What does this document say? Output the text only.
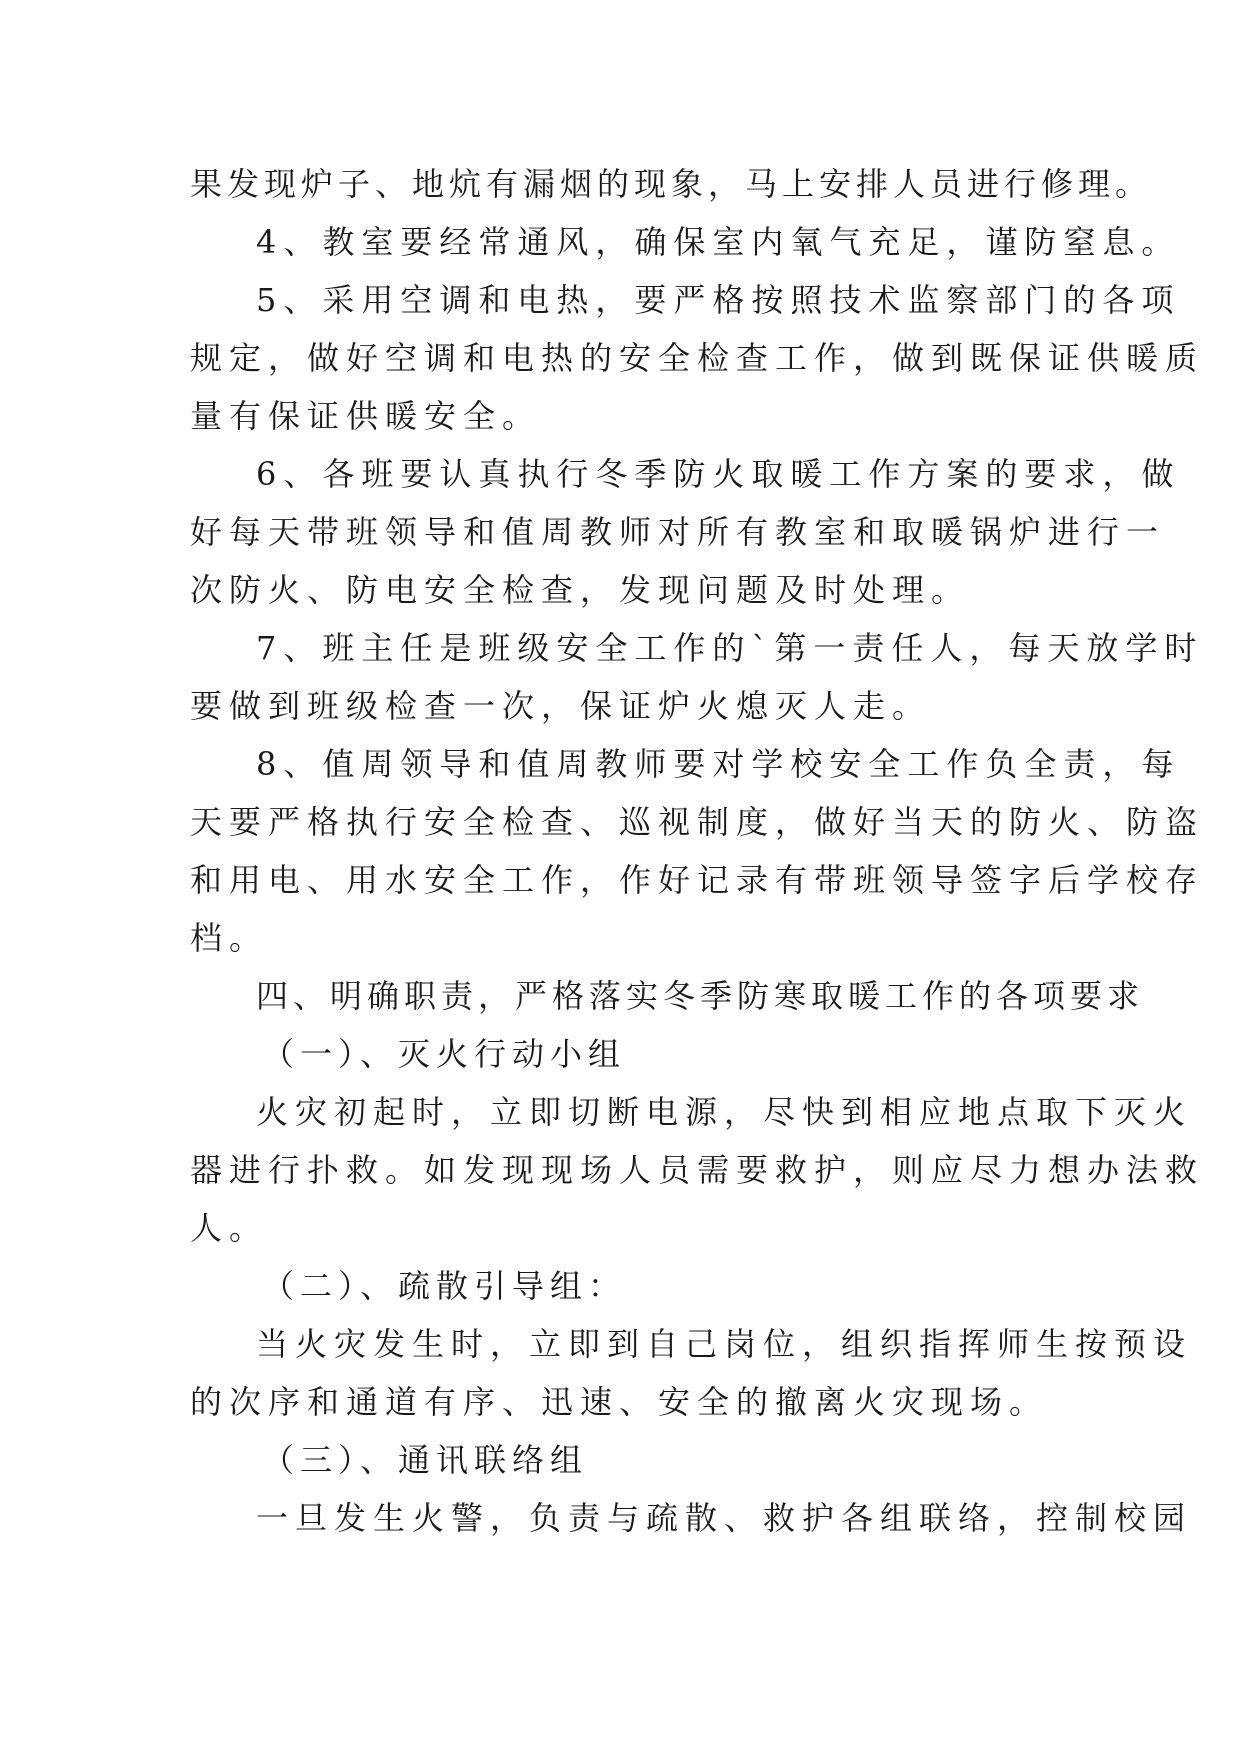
果发现炉子、地炕有漏烟的现象，马上安排人员进行修理。
4、教室要经常通风，确保室内氧气充足，谨防窒息。
5、采用空调和电热，要严格按照技术监察部门的各项
规定，做好空调和电热的安全检查工作，做到既保证供暖质
量有保证供暖安全。
6、各班要认真执行冬季防火取暖工作方案的要求，做
好每天带班领导和值周教师对所有教室和取暖锅炉进行一
次防火、防电安全检查，发现问题及时处理。
7、班主任是班级安全工作的`第一责任人，每天放学时
要做到班级检查一次，保证炉火熄灭人走。
8、值周领导和值周教师要对学校安全工作负全责，每
天要严格执行安全检查、巡视制度，做好当天的防火、防盗
和用电、用水安全工作，作好记录有带班领导签字后学校存
档。
四、明确职责，严格落实冬季防寒取暖工作的各项要求
（一）、灭火行动小组
火灾初起时，立即切断电源，尽快到相应地点取下灭火
器进行扑救。如发现现场人员需要救护，则应尽力想办法救
人。
（二）、疏散引导组：
当火灾发生时，立即到自己岗位，组织指挥师生按预设
的次序和通道有序、迅速、安全的撤离火灾现场。
（三）、通讯联络组
一旦发生火警，负责与疏散、救护各组联络，控制校园
